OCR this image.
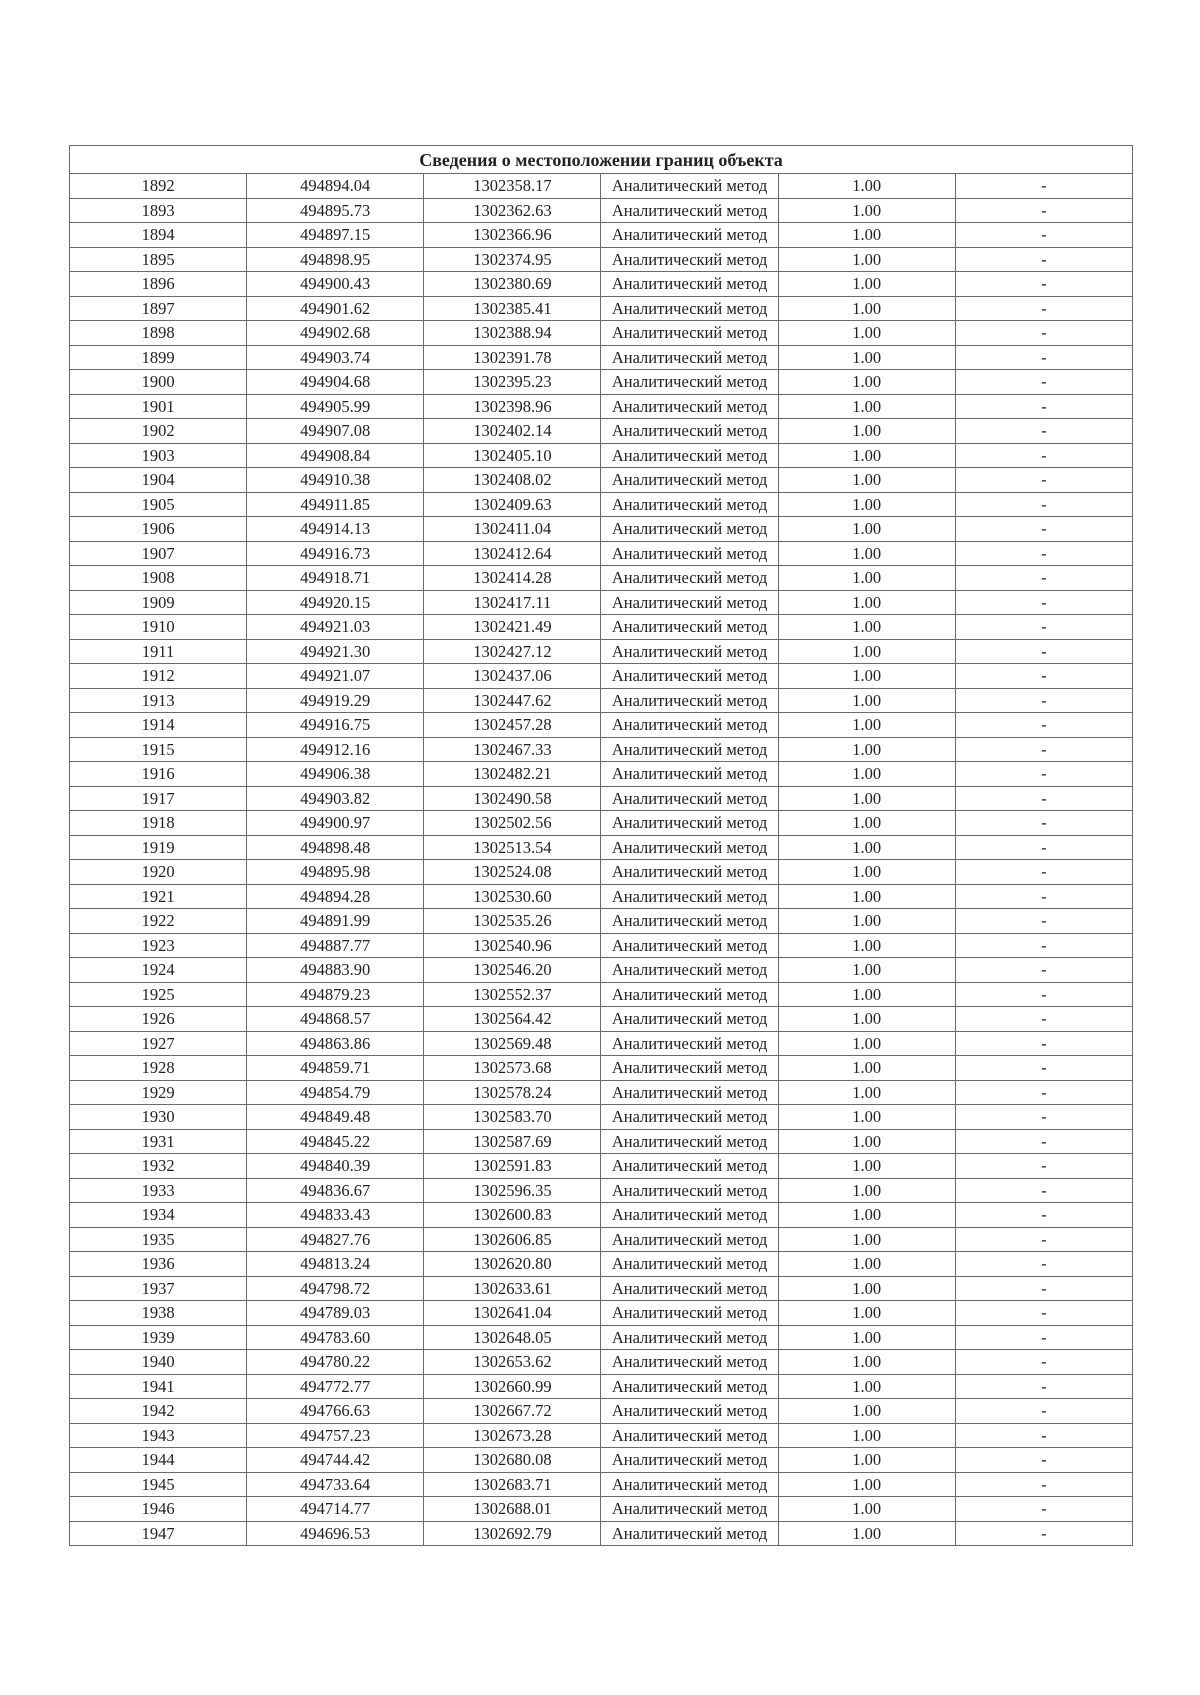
Сведения о местоположении границ объекта					
1892	494894.04	1302358.17	Аналитический метод	1.00	-
1893	494895.73	1302362.63	Аналитический метод	1.00	-
1894	494897.15	1302366.96	Аналитический метод	1.00	-
1895	494898.95	1302374.95	Аналитический метод	1.00	-
1896	494900.43	1302380.69	Аналитический метод	1.00	-
1897	494901.62	1302385.41	Аналитический метод	1.00	-
1898	494902.68	1302388.94	Аналитический метод	1.00	-
1899	494903.74	1302391.78	Аналитический метод	1.00	-
1900	494904.68	1302395.23	Аналитический метод	1.00	-
1901	494905.99	1302398.96	Аналитический метод	1.00	-
1902	494907.08	1302402.14	Аналитический метод	1.00	-
1903	494908.84	1302405.10	Аналитический метод	1.00	-
1904	494910.38	1302408.02	Аналитический метод	1.00	-
1905	494911.85	1302409.63	Аналитический метод	1.00	-
1906	494914.13	1302411.04	Аналитический метод	1.00	-
1907	494916.73	1302412.64	Аналитический метод	1.00	-
1908	494918.71	1302414.28	Аналитический метод	1.00	-
1909	494920.15	1302417.11	Аналитический метод	1.00	-
1910	494921.03	1302421.49	Аналитический метод	1.00	-
1911	494921.30	1302427.12	Аналитический метод	1.00	-
1912	494921.07	1302437.06	Аналитический метод	1.00	-
1913	494919.29	1302447.62	Аналитический метод	1.00	-
1914	494916.75	1302457.28	Аналитический метод	1.00	-
1915	494912.16	1302467.33	Аналитический метод	1.00	-
1916	494906.38	1302482.21	Аналитический метод	1.00	-
1917	494903.82	1302490.58	Аналитический метод	1.00	-
1918	494900.97	1302502.56	Аналитический метод	1.00	-
1919	494898.48	1302513.54	Аналитический метод	1.00	-
1920	494895.98	1302524.08	Аналитический метод	1.00	-
1921	494894.28	1302530.60	Аналитический метод	1.00	-
1922	494891.99	1302535.26	Аналитический метод	1.00	-
1923	494887.77	1302540.96	Аналитический метод	1.00	-
1924	494883.90	1302546.20	Аналитический метод	1.00	-
1925	494879.23	1302552.37	Аналитический метод	1.00	-
1926	494868.57	1302564.42	Аналитический метод	1.00	-
1927	494863.86	1302569.48	Аналитический метод	1.00	-
1928	494859.71	1302573.68	Аналитический метод	1.00	-
1929	494854.79	1302578.24	Аналитический метод	1.00	-
1930	494849.48	1302583.70	Аналитический метод	1.00	-
1931	494845.22	1302587.69	Аналитический метод	1.00	-
1932	494840.39	1302591.83	Аналитический метод	1.00	-
1933	494836.67	1302596.35	Аналитический метод	1.00	-
1934	494833.43	1302600.83	Аналитический метод	1.00	-
1935	494827.76	1302606.85	Аналитический метод	1.00	-
1936	494813.24	1302620.80	Аналитический метод	1.00	-
1937	494798.72	1302633.61	Аналитический метод	1.00	-
1938	494789.03	1302641.04	Аналитический метод	1.00	-
1939	494783.60	1302648.05	Аналитический метод	1.00	-
1940	494780.22	1302653.62	Аналитический метод	1.00	-
1941	494772.77	1302660.99	Аналитический метод	1.00	-
1942	494766.63	1302667.72	Аналитический метод	1.00	-
1943	494757.23	1302673.28	Аналитический метод	1.00	-
1944	494744.42	1302680.08	Аналитический метод	1.00	-
1945	494733.64	1302683.71	Аналитический метод	1.00	-
1946	494714.77	1302688.01	Аналитический метод	1.00	-
1947	494696.53	1302692.79	Аналитический метод	1.00	-
